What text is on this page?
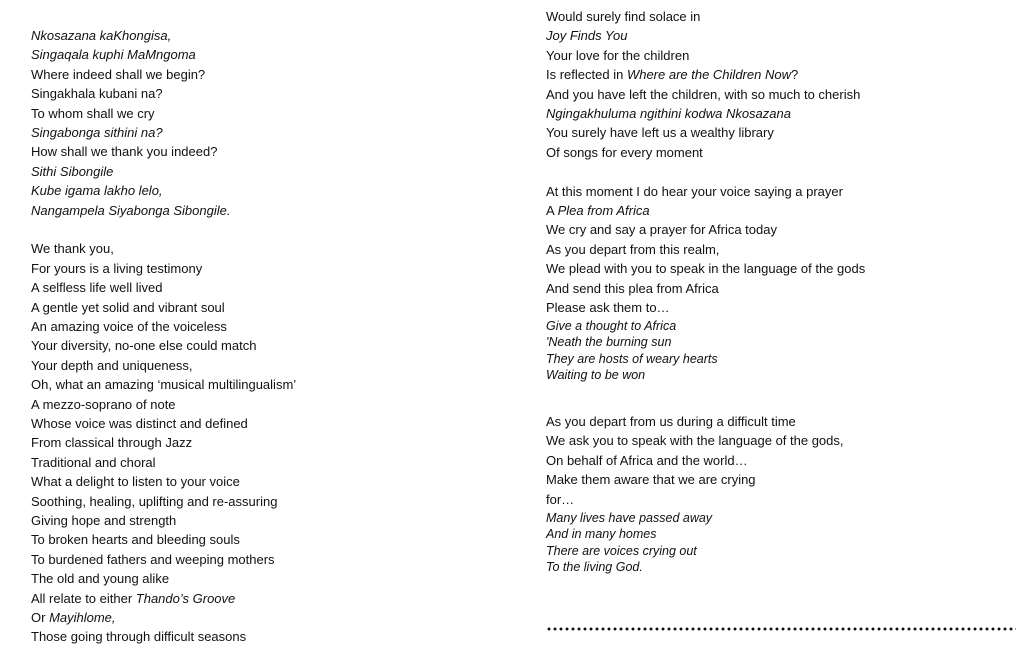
Nkosazana kaKhongisa,
Singaqala kuphi MaMngoma
Where indeed shall we begin?
Singakhala kubani na?
To whom shall we cry
Singabonga sithini na?
How shall we thank you indeed?
Sithi Sibongile
Kube igama lakho lelo,
Nangampela Siyabonga Sibongile.
We thank you,
For yours is a living testimony
A selfless life well lived
A gentle yet solid and vibrant soul
An amazing voice of the voiceless
Your diversity, no-one else could match
Your depth and uniqueness,
Oh, what an amazing ‘musical multilingualism’
A mezzo-soprano of note
Whose voice was distinct and defined
From classical through Jazz
Traditional and choral
What a delight to listen to your voice
Soothing, healing, uplifting and re-assuring
Giving hope and strength
To broken hearts and bleeding souls
To burdened fathers and weeping mothers
The old and young alike
All relate to either Thando’s Groove
Or Mayihlome,
Those going through difficult seasons
Would surely find solace in
Joy Finds You
Your love for the children
Is reflected in Where are the Children Now?
And you have left the children, with so much to cherish
Ngingakhuluma ngithini kodwa Nkosazana
You surely have left us a wealthy library
Of songs for every moment
At this moment I do hear your voice saying a prayer
A Plea from Africa
We cry and say a prayer for Africa today
As you depart from this realm,
We plead with you to speak in the language of the gods
And send this plea from Africa
Please ask them to…
Give a thought to Africa
'Neath the burning sun
They are hosts of weary hearts
Waiting to be won
As you depart from us during a difficult time
We ask you to speak with the language of the gods,
On behalf of Africa and the world…
Make them aware that we are crying
for…
Many lives have passed away
And in many homes
There are voices crying out
To the living God.
